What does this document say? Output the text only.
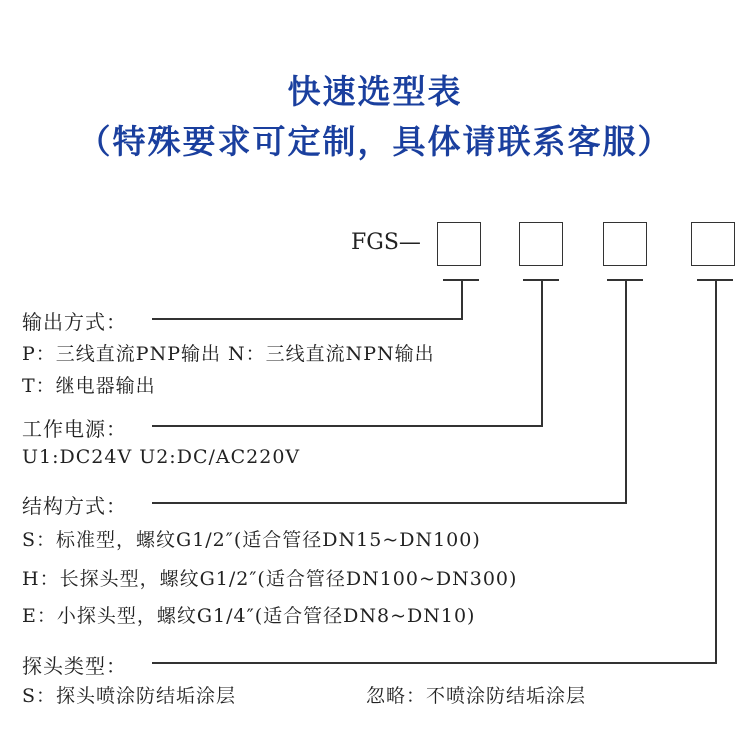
快速选型表
（特殊要求可定制，具体请联系客服）
FGS—
输出方式：
P：三线直流PNP输出 N：三线直流NPN输出
T：继电器输出
工作电源：
U1:DC24V U2:DC/AC220V
结构方式：
S：标准型，螺纹G1/2″(适合管径DN15~DN100)
H：长探头型，螺纹G1/2″(适合管径DN100~DN300)
E：小探头型，螺纹G1/4″(适合管径DN8~DN10)
探头类型：
S：探头喷涂防结垢涂层	忽略：不喷涂防结垢涂层
